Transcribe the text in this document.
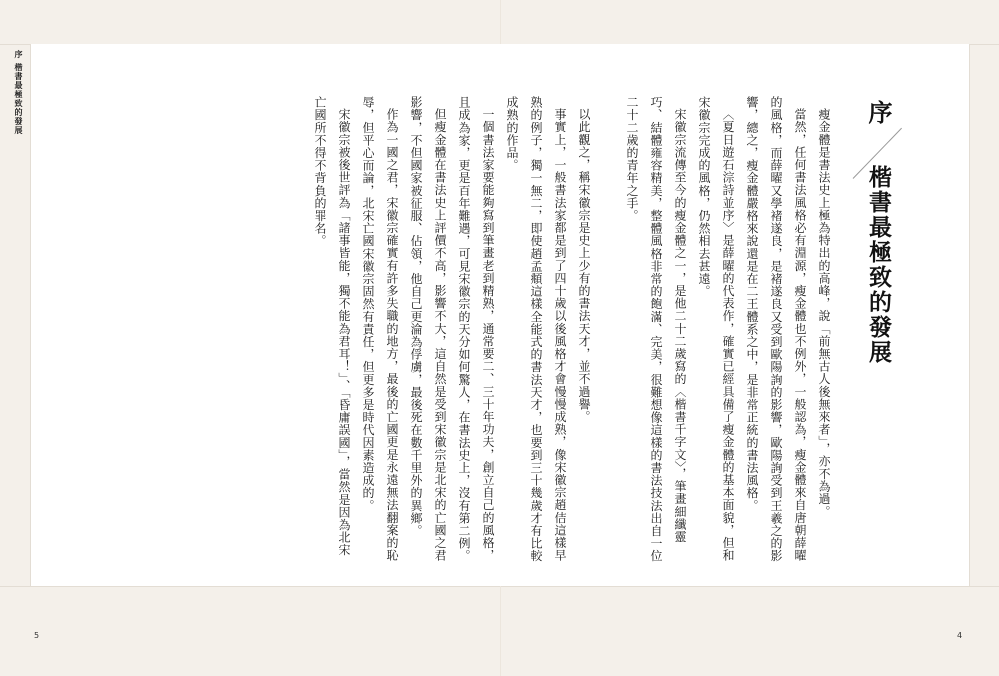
序 楷書最極致的發展	序
楷書最極致的發展

瘦金體是書法史上極為特出的高峰，說「前無古人後無來者」，亦不為過。

當然，任何書法風格必有淵源，瘦金體也不例外，一般認為，瘦金體來自唐朝薛曜的風格，而薛曜又學褚遂良，是褚遂良又受到歐陽詢的影響，歐陽詢受到王羲之的影響，總之，瘦金體嚴格來說還是在二王體系之中，是非常正統的書法風格。

〈夏日遊石淙詩並序〉是薛曜的代表作，確實已經具備了瘦金體的基本面貌，但和宋徽宗完成的風格，仍然相去甚遠。

宋徽宗流傳至今的瘦金體之一，是他二十二歲寫的〈楷書千字文〉，筆畫細纖靈巧、結體雍容精美，整體風格非常的飽滿、完美，很難想像這樣的書法技法出自一位二十二歲的青年之手。

以此觀之，稱宋徽宗是史上少有的書法天才，並不過譽。

事實上，一般書法家都是到了四十歲以後風格才會慢慢成熟，像宋徽宗趙佶這樣早熟的例子，獨一無二，即使趙孟頫這樣全能式的書法天才，也要到三十幾歲才有比較成熟的作品。

一個書法家要能夠寫到筆畫老到精熟，通常要二、三十年功夫，創立自己的風格，且成為家，更是百年難遇，可見宋徽宗的天分如何驚人，在書法史上，沒有第二例。

但瘦金體在書法史上評價不高，影響不大，這自然是受到宋徽宗是北宋的亡國之君影響，不但國家被征服、佔領，他自己更淪為俘虜，最後死在數千里外的異鄉。

作為一國之君，宋徽宗確實有許多失職的地方，最後的亡國更是永遠無法翻案的恥辱，但平心而論，北宋亡國宋徽宗固然有責任，但更多是時代因素造成的。

宋徽宗被後世評為「諸事皆能，獨不能為君耳！」、「昏庸誤國」，當然是因為北宋亡國所不得不背負的罪名。

5	4
